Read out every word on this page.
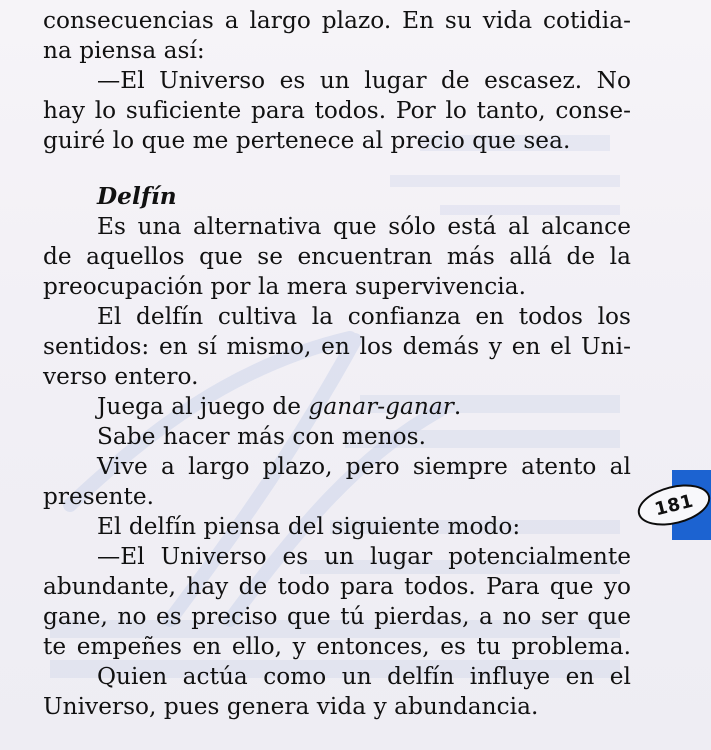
181
consecuencias a largo plazo. En su vida cotidia-
na piensa así:
—El Universo es un lugar de escasez. No
hay lo suficiente para todos. Por lo tanto, conse-
guiré lo que me pertenece al precio que sea.
Delfín
Es una alternativa que sólo está al alcance
de aquellos que se encuentran más allá de la
preocupación por la mera supervivencia.
El delfín cultiva la confianza en todos los
sentidos: en sí mismo, en los demás y en el Uni-
verso entero.
Juega al juego de ganar-ganar.
Sabe hacer más con menos.
Vive a largo plazo, pero siempre atento al
presente.
El delfín piensa del siguiente modo:
—El Universo es un lugar potencialmente
abundante, hay de todo para todos. Para que yo
gane, no es preciso que tú pierdas, a no ser que
te empeñes en ello, y entonces, es tu problema.
Quien actúa como un delfín influye en el
Universo, pues genera vida y abundancia.
